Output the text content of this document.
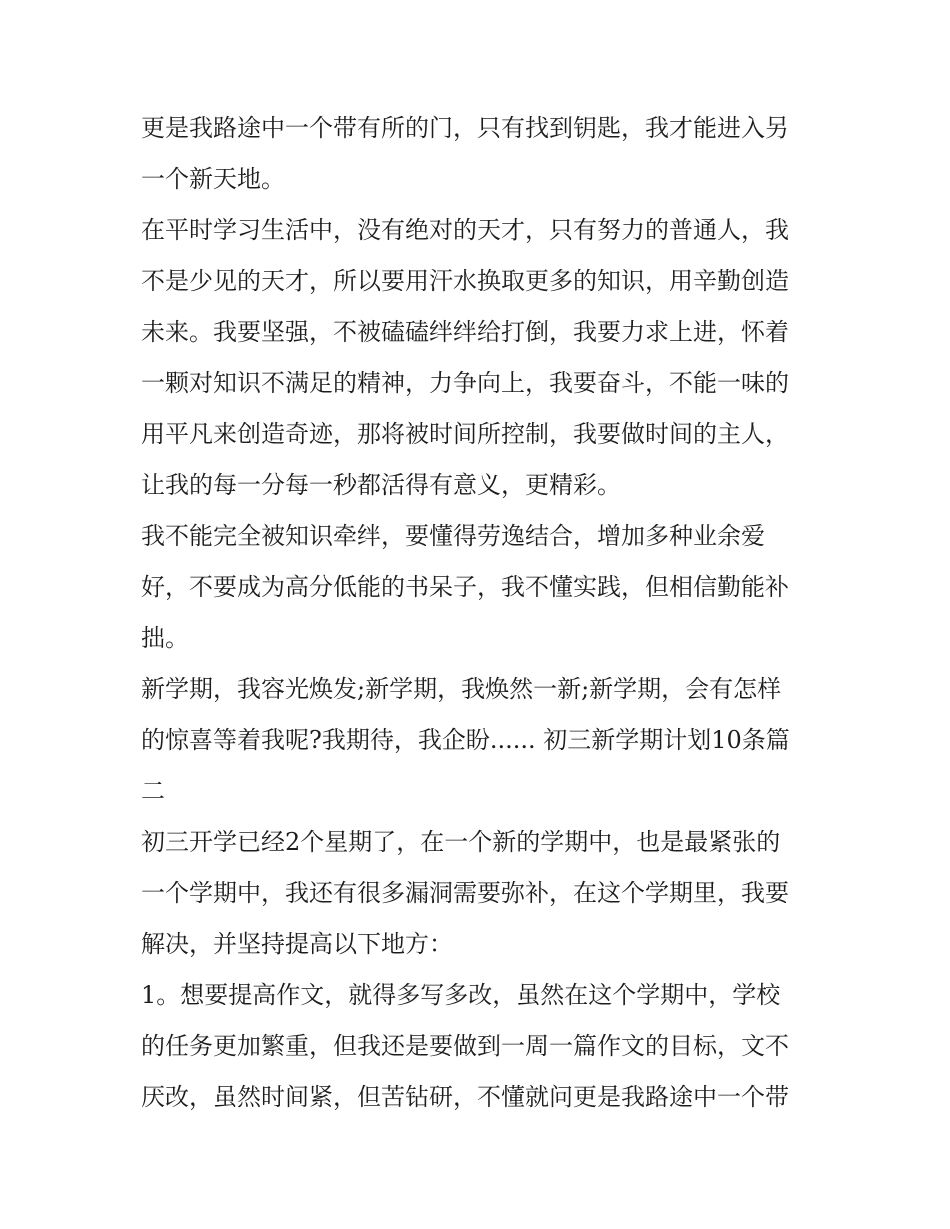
更是我路途中一个带有所的门，只有找到钥匙，我才能进入另
一个新天地。
在平时学习生活中，没有绝对的天才，只有努力的普通人，我
不是少见的天才，所以要用汗水换取更多的知识，用辛勤创造
未来。我要坚强，不被磕磕绊绊给打倒，我要力求上进，怀着
一颗对知识不满足的精神，力争向上，我要奋斗，不能一味的
用平凡来创造奇迹，那将被时间所控制，我要做时间的主人，
让我的每一分每一秒都活得有意义，更精彩。
我不能完全被知识牵绊，要懂得劳逸结合，增加多种业余爱
好，不要成为高分低能的书呆子，我不懂实践，但相信勤能补
拙。
新学期，我容光焕发;新学期，我焕然一新;新学期，会有怎样
的惊喜等着我呢?我期待，我企盼...... 初三新学期计划10条篇
二
初三开学已经2个星期了，在一个新的学期中，也是最紧张的
一个学期中，我还有很多漏洞需要弥补，在这个学期里，我要
解决，并坚持提高以下地方：
1。想要提高作文，就得多写多改，虽然在这个学期中，学校
的任务更加繁重，但我还是要做到一周一篇作文的目标，文不
厌改，虽然时间紧，但苦钻研，不懂就问更是我路途中一个带
